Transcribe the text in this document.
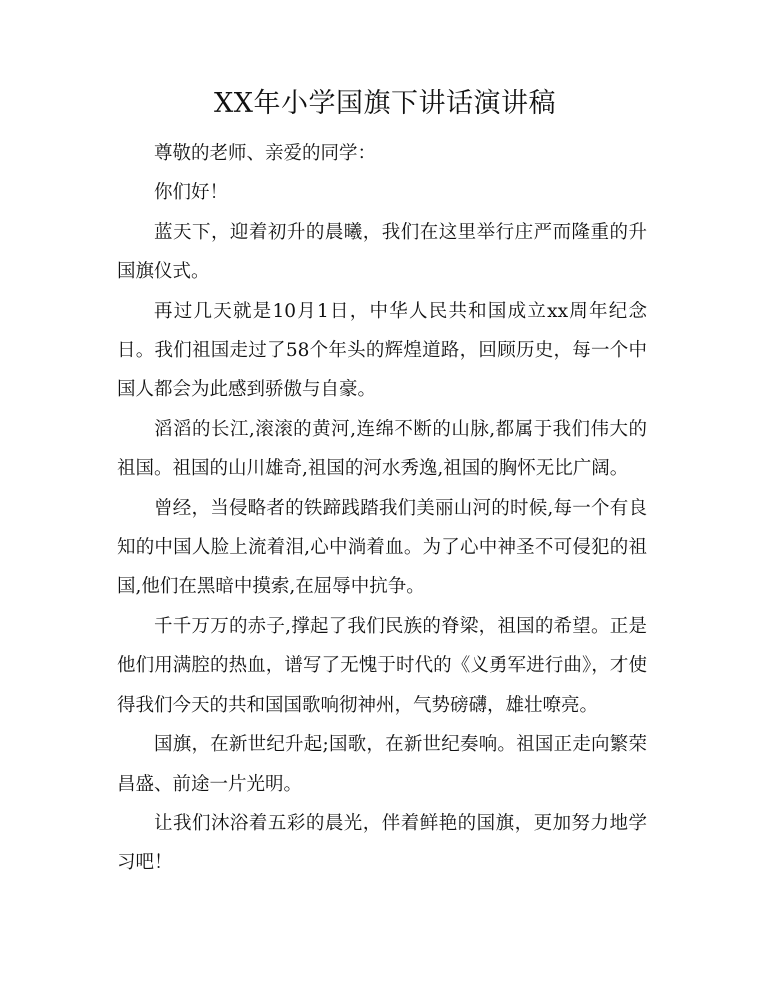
XX年小学国旗下讲话演讲稿

尊敬的老师、亲爱的同学：

你们好！

蓝天下，迎着初升的晨曦，我们在这里举行庄严而隆重的升国旗仪式。

再过几天就是10月1日，中华人民共和国成立xx周年纪念日。我们祖国走过了58个年头的辉煌道路，回顾历史，每一个中国人都会为此感到骄傲与自豪。

滔滔的长江,滚滚的黄河,连绵不断的山脉,都属于我们伟大的祖国。祖国的山川雄奇,祖国的河水秀逸,祖国的胸怀无比广阔。

曾经，当侵略者的铁蹄践踏我们美丽山河的时候,每一个有良知的中国人脸上流着泪,心中淌着血。为了心中神圣不可侵犯的祖国,他们在黑暗中摸索,在屈辱中抗争。

千千万万的赤子,撑起了我们民族的脊梁，祖国的希望。正是他们用满腔的热血，谱写了无愧于时代的《义勇军进行曲》，才使得我们今天的共和国国歌响彻神州，气势磅礴，雄壮嘹亮。

国旗，在新世纪升起;国歌，在新世纪奏响。祖国正走向繁荣昌盛、前途一片光明。

让我们沐浴着五彩的晨光，伴着鲜艳的国旗，更加努力地学习吧！
